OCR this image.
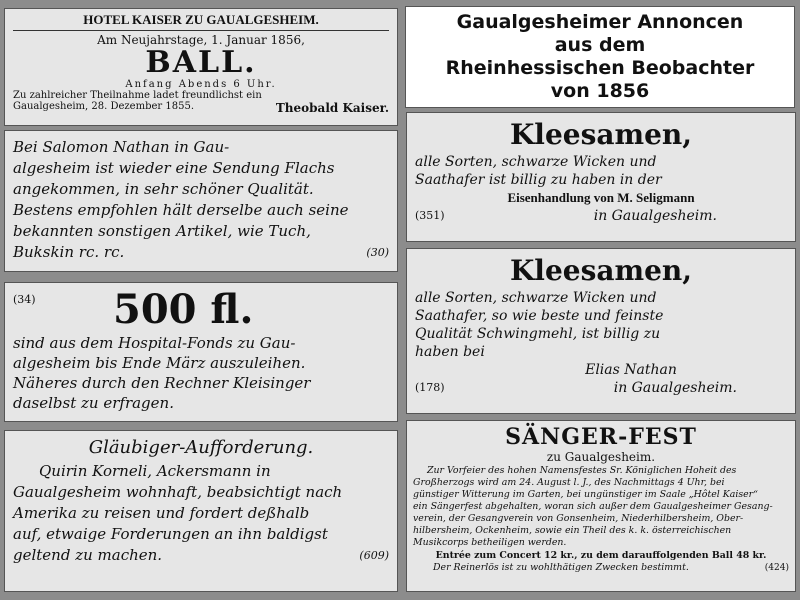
HOTEL KAISER ZU GAUALGESHEIM.
Am Neujahrstage, 1. Januar 1856,
BALL.
Anfang Abends 6 Uhr.
Zu zahlreicher Theilnahme ladet freundlichst ein
Gaualgesheim, 28. Dezember 1855.	Theobald Kaiser.
Gaualgesheimer Annoncen
aus dem
Rheinhessischen Beobachter
von 1856
Bei Salomon Nathan in Gau-
algesheim ist wieder eine Sendung Flachs
angekommen, in sehr schöner Qualität.
Bestens empfohlen hält derselbe auch seine
bekannten sonstigen Artikel, wie Tuch,
Bukskin rc. rc.	(30)
(34)	500 fl.
sind aus dem Hospital-Fonds zu Gau-
algesheim bis Ende März auszuleihen.
Näheres durch den Rechner Kleisinger
daselbst zu erfragen.
Gläubiger-Aufforderung.
Quirin Korneli, Ackersmann in
Gaualgesheim wohnhaft, beabsichtigt nach
Amerika zu reisen und fordert deßhalb
auf, etwaige Forderungen an ihn baldigst
geltend zu machen.	(609)
Kleesamen,
alle Sorten, schwarze Wicken und
Saathafer ist billig zu haben in der
Eisenhandlung von M. Seligmann
(351)	in Gaualgesheim.
Kleesamen,
alle Sorten, schwarze Wicken und
Saathafer, so wie beste und feinste
Qualität Schwingmehl, ist billig zu
haben bei
Elias Nathan
(178)	in Gaualgesheim.
SÄNGER-FEST
zu Gaualgesheim.
Zur Vorfeier des hohen Namensfestes Sr. Königlichen Hoheit des
Großherzogs wird am 24. August l. J., des Nachmittags 4 Uhr, bei
günstiger Witterung im Garten, bei ungünstiger im Saale „Hôtel Kaiser“
ein Sängerfest abgehalten, woran sich außer dem Gaualgesheimer Gesang-
verein, der Gesangverein von Gonsenheim, Niederhilbersheim, Ober-
hilbersheim, Ockenheim, sowie ein Theil des k. k. österreichischen
Musikcorps betheiligen werden.
Entrée zum Concert 12 kr., zu dem darauffolgenden Ball 48 kr.
Der Reinerlös ist zu wohlthätigen Zwecken bestimmt.	(424)
